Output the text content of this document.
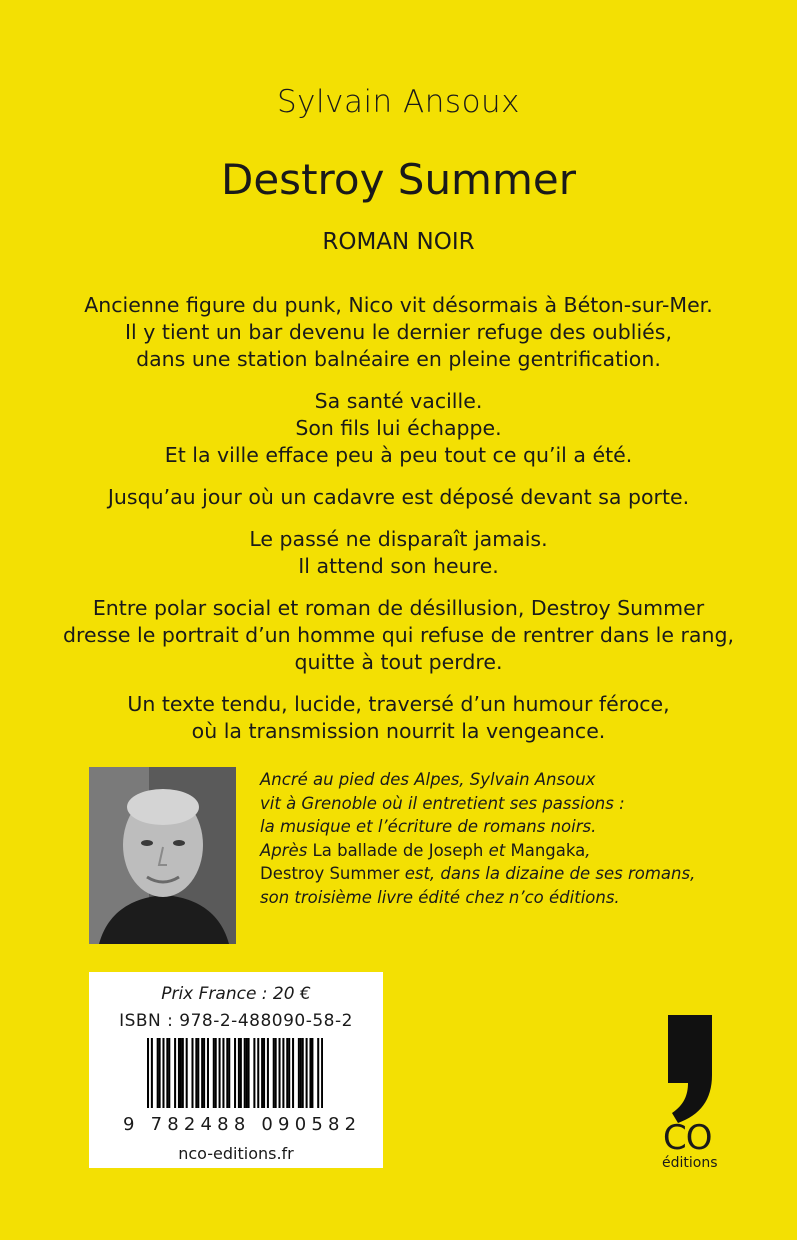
Sylvain Ansoux
Destroy Summer
ROMAN NOIR

Ancienne figure du punk, Nico vit désormais à Béton-sur-Mer.
Il y tient un bar devenu le dernier refuge des oubliés,
dans une station balnéaire en pleine gentrification.

Sa santé vacille.
Son fils lui échappe.
Et la ville efface peu à peu tout ce qu’il a été.

Jusqu’au jour où un cadavre est déposé devant sa porte.

Le passé ne disparaît jamais.
Il attend son heure.

Entre polar social et roman de désillusion, Destroy Summer
dresse le portrait d’un homme qui refuse de rentrer dans le rang,
quitte à tout perdre.

Un texte tendu, lucide, traversé d’un humour féroce,
où la transmission nourrit la vengeance.

Ancré au pied des Alpes, Sylvain Ansoux
vit à Grenoble où il entretient ses passions :
la musique et l’écriture de romans noirs.
Après La ballade de Joseph et Mangaka,
Destroy Summer est, dans la dizaine de ses romans,
son troisième livre édité chez n’co éditions.
Prix France : 20 €
ISBN : 978-2-488090-58-2
9 782488 090582
nco-editions.fr	CO
éditions
